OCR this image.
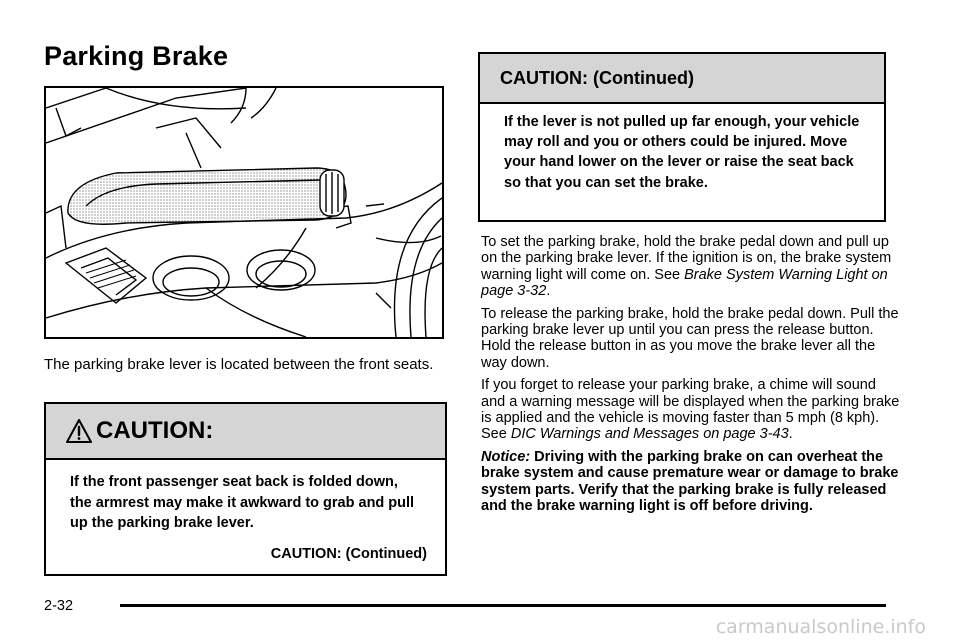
Parking Brake

The parking brake lever is located between the front seats.

CAUTION:
If the front passenger seat back is folded down, the armrest may make it awkward to grab and pull up the parking brake lever.
CAUTION: (Continued)
CAUTION: (Continued)
If the lever is not pulled up far enough, your vehicle may roll and you or others could be injured. Move your hand lower on the lever or raise the seat back so that you can set the brake.

To set the parking brake, hold the brake pedal down and pull up on the parking brake lever. If the ignition is on, the brake system warning light will come on. See Brake System Warning Light on page 3-32.

To release the parking brake, hold the brake pedal down. Pull the parking brake lever up until you can press the release button. Hold the release button in as you move the brake lever all the way down.

If you forget to release your parking brake, a chime will sound and a warning message will be displayed when the parking brake is applied and the vehicle is moving faster than 5 mph (8 kph). See DIC Warnings and Messages on page 3-43.

Notice: Driving with the parking brake on can overheat the brake system and cause premature wear or damage to brake system parts. Verify that the parking brake is fully released and the brake warning light is off before driving.

2-32
carmanualsonline.info
